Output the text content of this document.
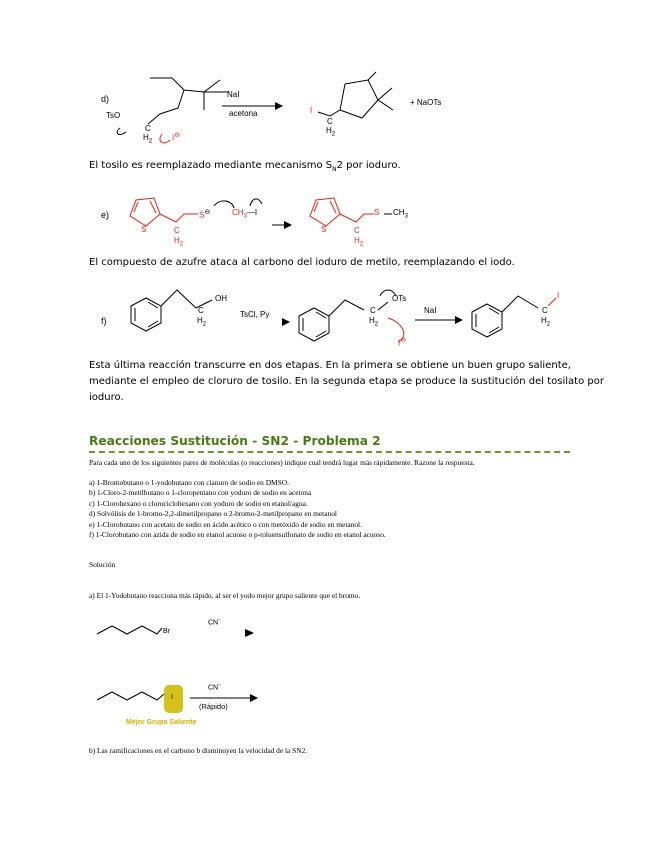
d)
TsO
C
$H_2$ I⊖
NaI
acetona	I
C
$H_2$
+ NaOTs
El tosilo es reemplazado mediante mecanismo $S_N2$ por ioduro.
e)
S	C
$H_2$
S⊖	$CH_3—I$
S	C
$H_2$
S $CH_3$
El compuesto de azufre ataca al carbono del ioduro de metilo, reemplazando el iodo.
f)
OH
C
$H_2$
TsCl, Py
OTs
C
$H_2$
I⊖
NaI
I
C
$H_2$
Esta última reacción transcurre en dos etapas. En la primera se obtiene un buen grupo saliente,
mediante el empleo de cloruro de tosilo. En la segunda etapa se produce la sustitución del tosilato por
ioduro.
Reacciones Sustitución - SN2 - Problema 2
Para cada uno de los siguientes pares de moléculas (o reacciones) indique cual tendrá lugar más rápidamente. Razone la respuesta.
a) 1-Bromobutano o 1-yodobutano con cianuro de sodio en DMSO.
b) 1-Cloro-2-metilbutano o 1-cloropentano con yoduro de sodio en acetona
c) 1-Clorohexano o clorociclohexano con yoduro de sodio en etanol/agua.
d) Solvólisis de 1-bromo-2,2-dimetilpropano o 2-bromo-2-metilpropano en metanol
e) 1-Clorobutano con acetato de sodio en ácido acético o con metóxido de sodio en metanol.
f) 1-Clorobutano con azida de sodio en etanol acuoso o p-toluensulfonato de sodio en etanol acuoso.
Solución
a) El 1-Yodobutano reacciona más rápido, al ser el yodo mejor grupo saliente que el bromo.
Br
CN−
I
CN−
(Rápido)
Mejor Grupo Saliente
b) Las ramificaciones en el carbono b disminuyen la velocidad de la SN2.
